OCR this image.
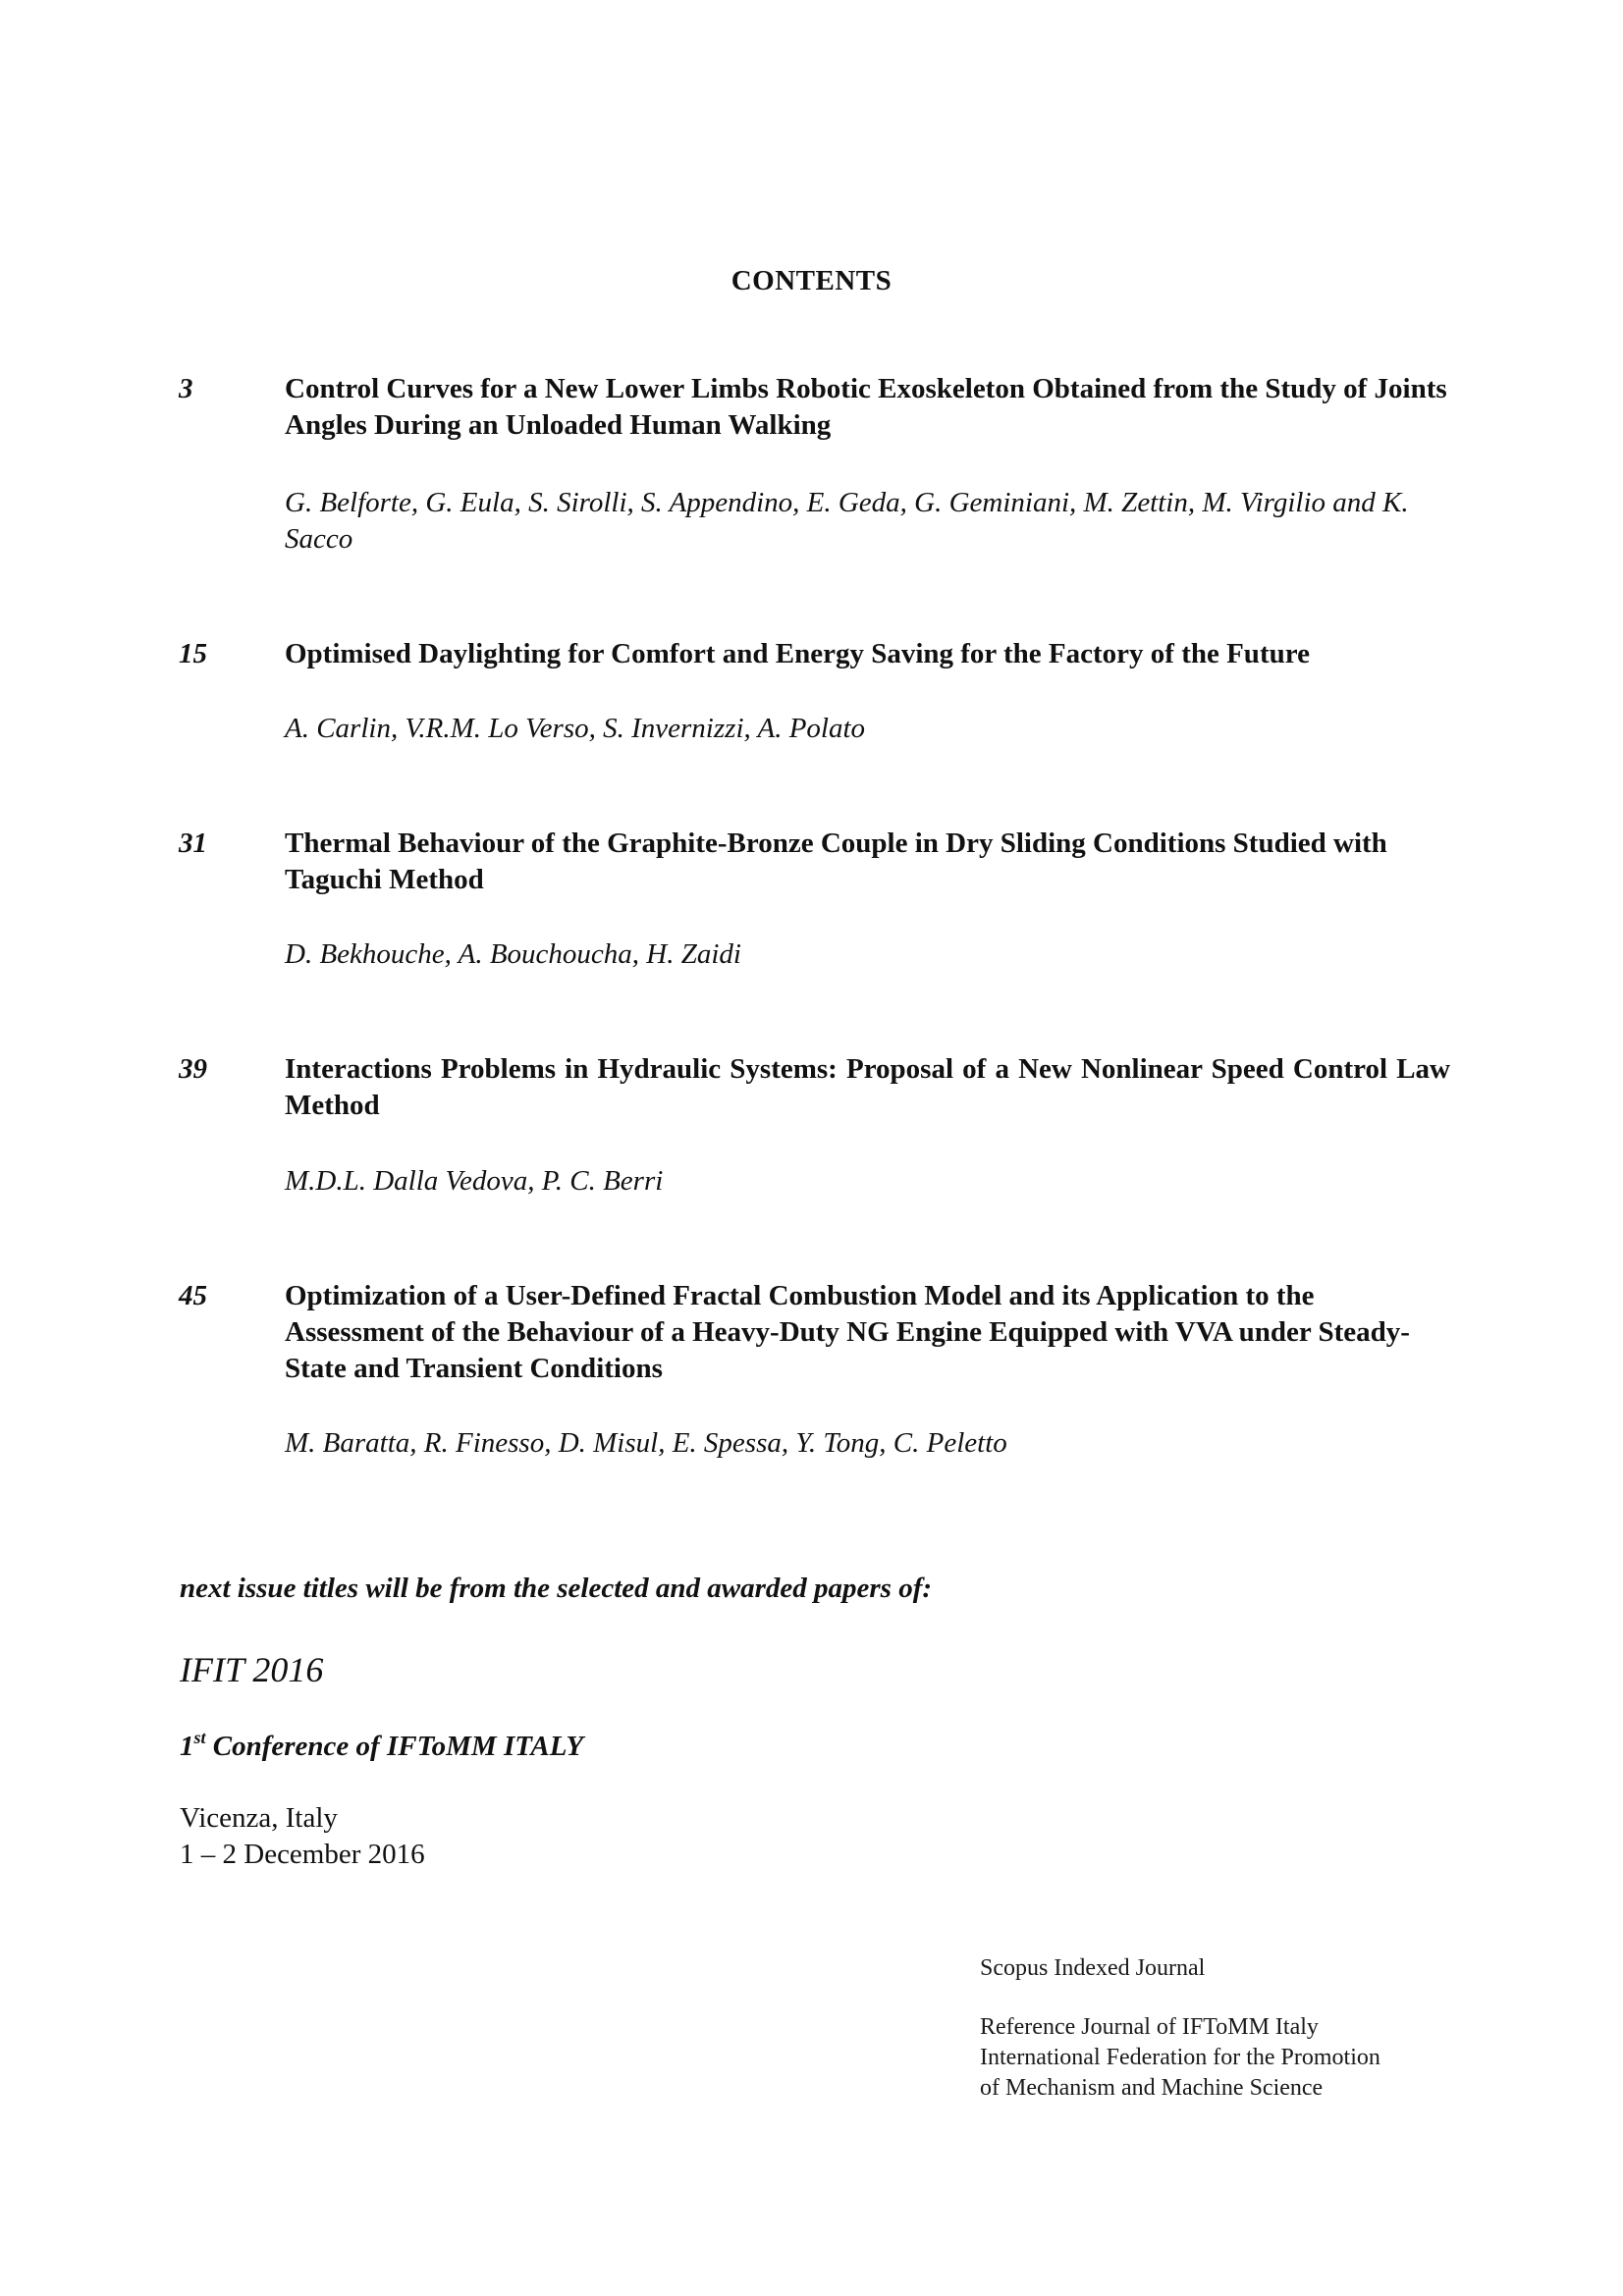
CONTENTS
3	Control Curves for a New Lower Limbs Robotic Exoskeleton Obtained from the Study of Joints Angles During an Unloaded Human Walking
G. Belforte, G. Eula, S. Sirolli, S. Appendino, E. Geda, G. Geminiani, M. Zettin, M. Virgilio and K. Sacco
15	Optimised Daylighting for Comfort and Energy Saving for the Factory of the Future
A. Carlin, V.R.M. Lo Verso, S. Invernizzi, A. Polato
31	Thermal Behaviour of the Graphite-Bronze Couple in Dry Sliding Conditions Studied with Taguchi Method
D. Bekhouche, A. Bouchoucha, H. Zaidi
39	Interactions Problems in Hydraulic Systems: Proposal of a New Nonlinear Speed Control Law Method
M.D.L. Dalla Vedova, P. C. Berri
45	Optimization of a User-Defined Fractal Combustion Model and its Application to the Assessment of the Behaviour of a Heavy-Duty NG Engine Equipped with VVA under Steady-State and Transient Conditions
M. Baratta, R. Finesso, D. Misul, E. Spessa, Y. Tong, C. Peletto
next issue titles will be from the selected and awarded papers of:
IFIT 2016
1st Conference of IFToMM ITALY
Vicenza, Italy
1 – 2 December 2016
Scopus Indexed Journal
Reference Journal of IFToMM Italy
International Federation for the Promotion
of Mechanism and Machine Science
